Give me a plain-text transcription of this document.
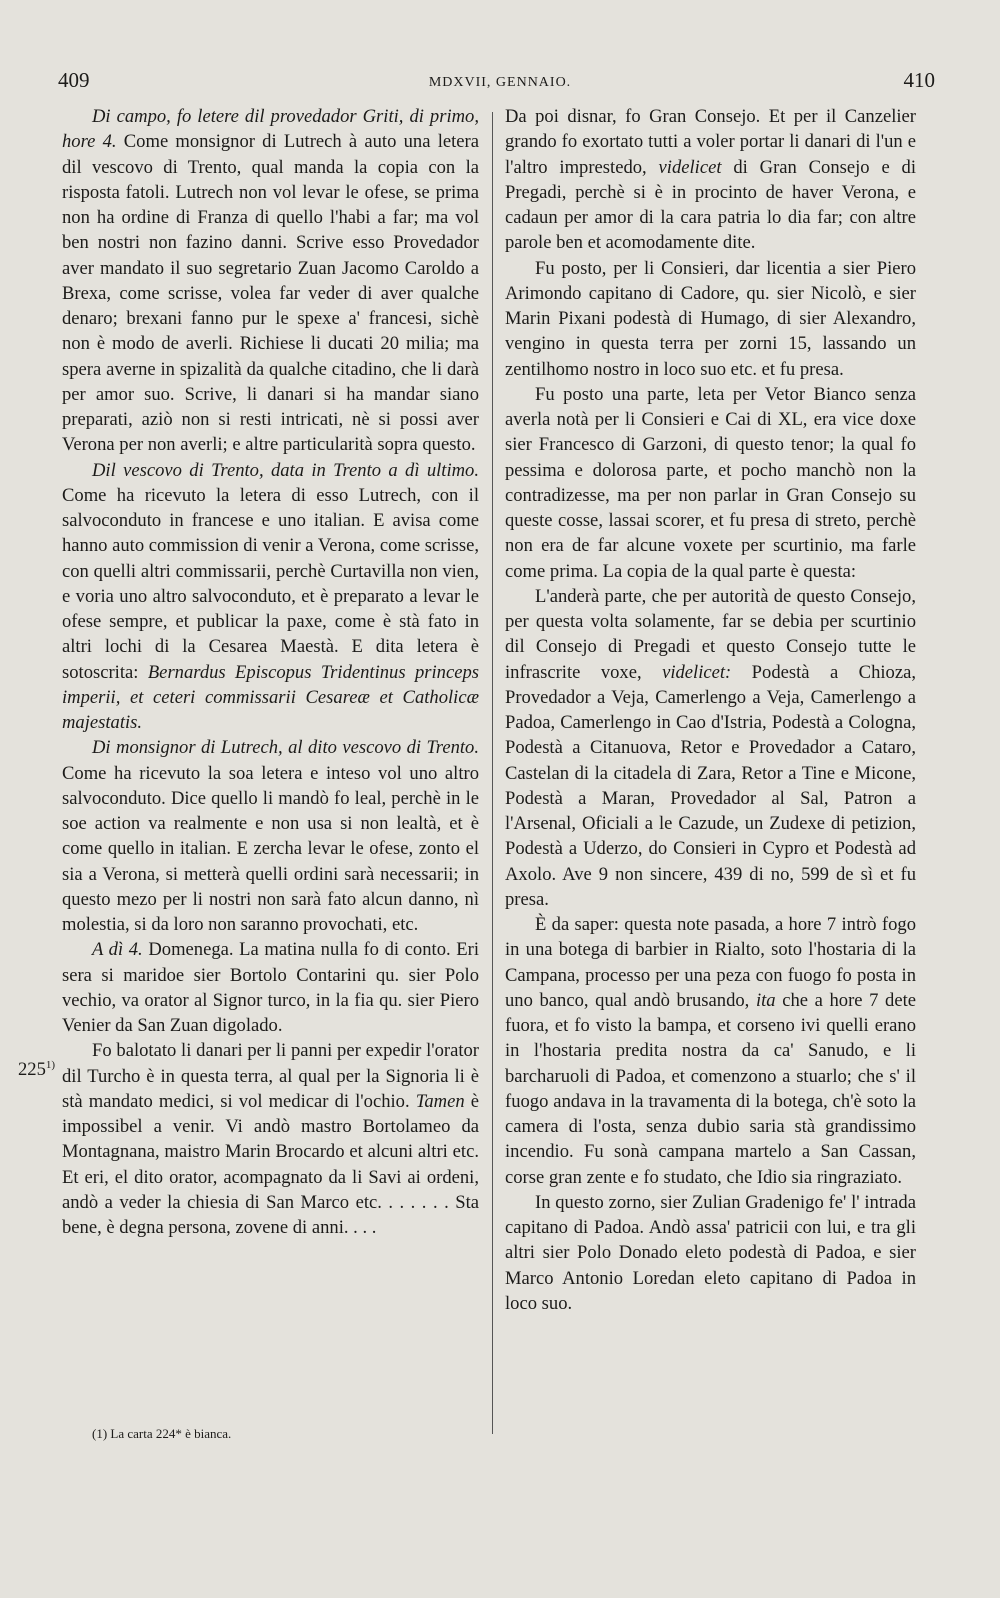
409	MDXVII, GENNAIO.	410

Di campo, fo letere dil provedador Griti, di primo, hore 4. Come monsignor di Lutrech à auto una letera dil vescovo di Trento, qual manda la copia con la risposta fatoli. Lutrech non vol levar le ofese, se prima non ha ordine di Franza di quello l'habi a far; ma vol ben nostri non fazino danni. Scrive esso Provedador aver mandato il suo segretario Zuan Jacomo Caroldo a Brexa, come scrisse, volea far veder di aver qualche denaro; brexani fanno pur le spexe a' francesi, sichè non è modo de averli. Richiese li ducati 20 milia; ma spera averne in spizalità da qualche citadino, che li darà per amor suo. Scrive, li danari si ha mandar siano preparati, aziò non si resti intricati, nè si possi aver Verona per non averli; e altre particularità sopra questo.

Dil vescovo di Trento, data in Trento a dì ultimo. Come ha ricevuto la letera di esso Lutrech, con il salvoconduto in francese e uno italian. E avisa come hanno auto commission di venir a Verona, come scrisse, con quelli altri commissarii, perchè Curtavilla non vien, e voria uno altro salvoconduto, et è preparato a levar le ofese sempre, et publicar la paxe, come è stà fato in altri lochi di la Cesarea Maestà. E dita letera è sotoscrita: Bernardus Episcopus Tridentinus princeps imperii, et ceteri commissarii Cesareæ et Catholicæ majestatis.

Di monsignor di Lutrech, al dito vescovo di Trento. Come ha ricevuto la soa letera e inteso vol uno altro salvoconduto. Dice quello li mandò fo leal, perchè in le soe action va realmente e non usa si non lealtà, et è come quello in italian. E zercha levar le ofese, zonto el sia a Verona, si metterà quelli ordini sarà necessarii; in questo mezo per li nostri non sarà fato alcun danno, nì molestia, si da loro non saranno provochati, etc.

A dì 4. Domenega. La matina nulla fo di conto. Eri sera si maridoe sier Bortolo Contarini qu. sier Polo vechio, va orator al Signor turco, in la fia qu. sier Piero Venier da San Zuan digolado.

Fo balotato li danari per li panni per expedir l'orator dil Turcho è in questa terra, al qual per la Signoria li è stà mandato medici, si vol medicar di l'ochio. Tamen è impossibel a venir. Vi andò mastro Bortolameo da Montagnana, maistro Marin Brocardo et alcuni altri etc. Et eri, el dito orator, acompagnato da li Savi ai ordeni, andò a veder la chiesia di San Marco etc. . . . . . . Sta bene, è degna persona, zovene di anni. . . .

225$^{1)}$
(1) La carta 224* è bianca.

Da poi disnar, fo Gran Consejo. Et per il Canzelier grando fo exortato tutti a voler portar li danari di l'un e l'altro imprestedo, videlicet di Gran Consejo e di Pregadi, perchè si è in procinto de haver Verona, e cadaun per amor di la cara patria lo dia far; con altre parole ben et acomodamente dite.

Fu posto, per li Consieri, dar licentia a sier Piero Arimondo capitano di Cadore, qu. sier Nicolò, e sier Marin Pixani podestà di Humago, di sier Alexandro, vengino in questa terra per zorni 15, lassando un zentilhomo nostro in loco suo etc. et fu presa.

Fu posto una parte, leta per Vetor Bianco senza averla notà per li Consieri e Cai di XL, era vice doxe sier Francesco di Garzoni, di questo tenor; la qual fo pessima e dolorosa parte, et pocho manchò non la contradizesse, ma per non parlar in Gran Consejo su queste cosse, lassai scorer, et fu presa di streto, perchè non era de far alcune voxete per scurtinio, ma farle come prima. La copia de la qual parte è questa:

L'anderà parte, che per autorità de questo Consejo, per questa volta solamente, far se debia per scurtinio dil Consejo di Pregadi et questo Consejo tutte le infrascrite voxe, videlicet: Podestà a Chioza, Provedador a Veja, Camerlengo a Veja, Camerlengo a Padoa, Camerlengo in Cao d'Istria, Podestà a Cologna, Podestà a Citanuova, Retor e Provedador a Cataro, Castelan di la citadela di Zara, Retor a Tine e Micone, Podestà a Maran, Provedador al Sal, Patron a l'Arsenal, Oficiali a le Cazude, un Zudexe di petizion, Podestà a Uderzo, do Consieri in Cypro et Podestà ad Axolo. Ave 9 non sincere, 439 di no, 599 de sì et fu presa.

È da saper: questa note pasada, a hore 7 intrò fogo in una botega di barbier in Rialto, soto l'hostaria di la Campana, processo per una peza con fuogo fo posta in uno banco, qual andò brusando, ita che a hore 7 dete fuora, et fo visto la bampa, et corseno ivi quelli erano in l'hostaria predita nostra da ca' Sanudo, e li barcharuoli di Padoa, et comenzono a stuarlo; che s' il fuogo andava in la travamenta di la botega, ch'è soto la camera di l'osta, senza dubio saria stà grandissimo incendio. Fu sonà campana martelo a San Cassan, corse gran zente e fo studato, che Idio sia ringraziato.

In questo zorno, sier Zulian Gradenigo fe' l' intrada capitano di Padoa. Andò assa' patricii con lui, e tra gli altri sier Polo Donado eleto podestà di Padoa, e sier Marco Antonio Loredan eleto capitano di Padoa in loco suo.
